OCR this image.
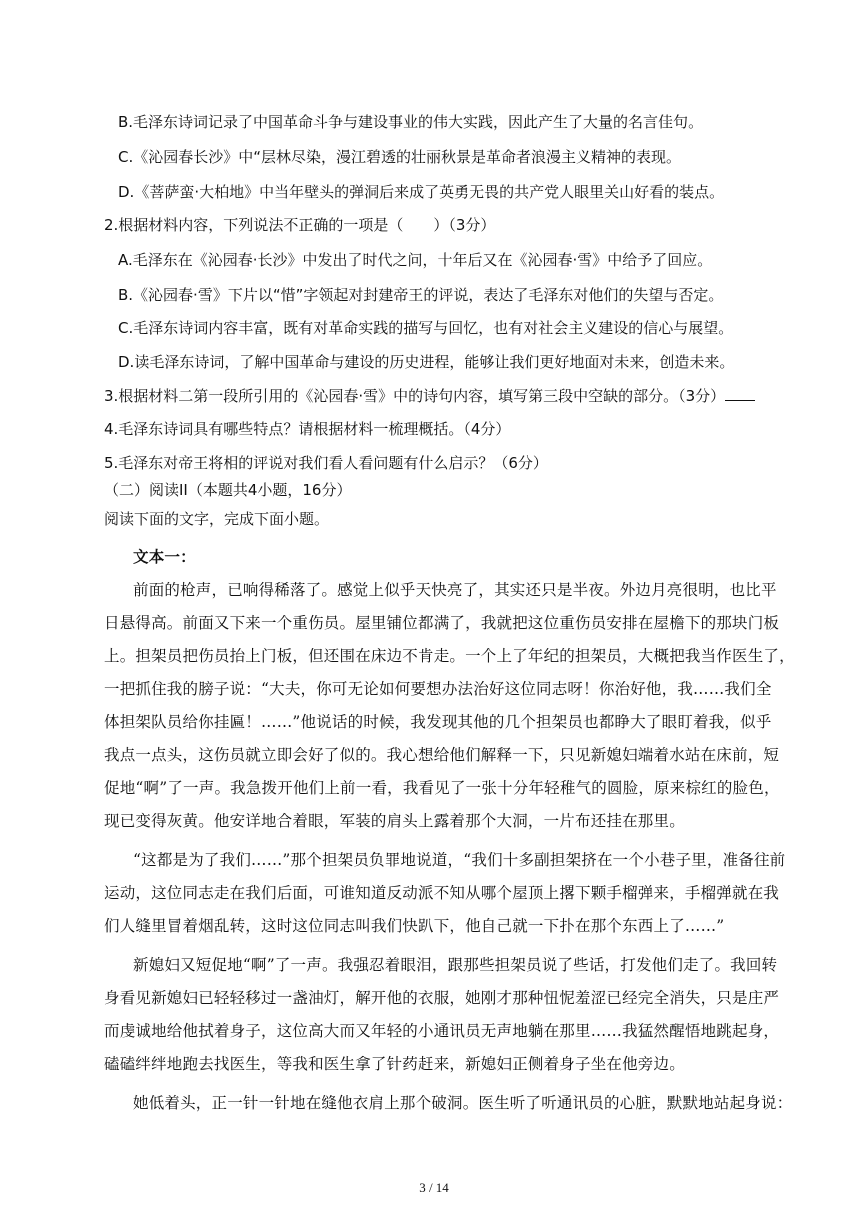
B.毛泽东诗词记录了中国革命斗争与建设事业的伟大实践，因此产生了大量的名言佳句。
C.《沁园春长沙》中“层林尽染，漫江碧透的壮丽秋景是革命者浪漫主义精神的表现。
D.《菩萨蛮·大柏地》中当年壁头的弹洞后来成了英勇无畏的共产党人眼里关山好看的装点。
2.根据材料内容，下列说法不正确的一项是（　　）（3分）
A.毛泽东在《沁园春·长沙》中发出了时代之问，十年后又在《沁园春·雪》中给予了回应。
B.《沁园春·雪》下片以“惜”字领起对封建帝王的评说，表达了毛泽东对他们的失望与否定。
C.毛泽东诗词内容丰富，既有对革命实践的描写与回忆，也有对社会主义建设的信心与展望。
D.读毛泽东诗词，了解中国革命与建设的历史进程，能够让我们更好地面对未来，创造未来。
3.根据材料二第一段所引用的《沁园春·雪》中的诗句内容，填写第三段中空缺的部分。（3分）
4.毛泽东诗词具有哪些特点？请根据材料一梳理概括。（4分）
5.毛泽东对帝王将相的评说对我们看人看问题有什么启示？（6分）
（二）阅读II（本题共4小题，16分）
阅读下面的文字，完成下面小题。
文本一：
前面的枪声，已响得稀落了。感觉上似乎天快亮了，其实还只是半夜。外边月亮很明，也比平
日悬得高。前面又下来一个重伤员。屋里铺位都满了，我就把这位重伤员安排在屋檐下的那块门板
上。担架员把伤员抬上门板，但还围在床边不肯走。一个上了年纪的担架员，大概把我当作医生了，
一把抓住我的膀子说：“大夫，你可无论如何要想办法治好这位同志呀！你治好他，我……我们全
体担架队员给你挂匾！……”他说话的时候，我发现其他的几个担架员也都睁大了眼盯着我，似乎
我点一点头，这伤员就立即会好了似的。我心想给他们解释一下，只见新媳妇端着水站在床前，短
促地“啊”了一声。我急拨开他们上前一看，我看见了一张十分年轻稚气的圆脸，原来棕红的脸色，
现已变得灰黄。他安详地合着眼，军装的肩头上露着那个大洞，一片布还挂在那里。
“这都是为了我们……”那个担架员负罪地说道，“我们十多副担架挤在一个小巷子里，准备往前
运动，这位同志走在我们后面，可谁知道反动派不知从哪个屋顶上撂下颗手榴弹来，手榴弹就在我
们人缝里冒着烟乱转，这时这位同志叫我们快趴下，他自己就一下扑在那个东西上了……”
新媳妇又短促地“啊”了一声。我强忍着眼泪，跟那些担架员说了些话，打发他们走了。我回转
身看见新媳妇已轻轻移过一盏油灯，解开他的衣服，她刚才那种忸怩羞涩已经完全消失，只是庄严
而虔诚地给他拭着身子，这位高大而又年轻的小通讯员无声地躺在那里……我猛然醒悟地跳起身，
磕磕绊绊地跑去找医生，等我和医生拿了针药赶来，新媳妇正侧着身子坐在他旁边。
她低着头，正一针一针地在缝他衣肩上那个破洞。医生听了听通讯员的心脏，默默地站起身说：
3 / 14
